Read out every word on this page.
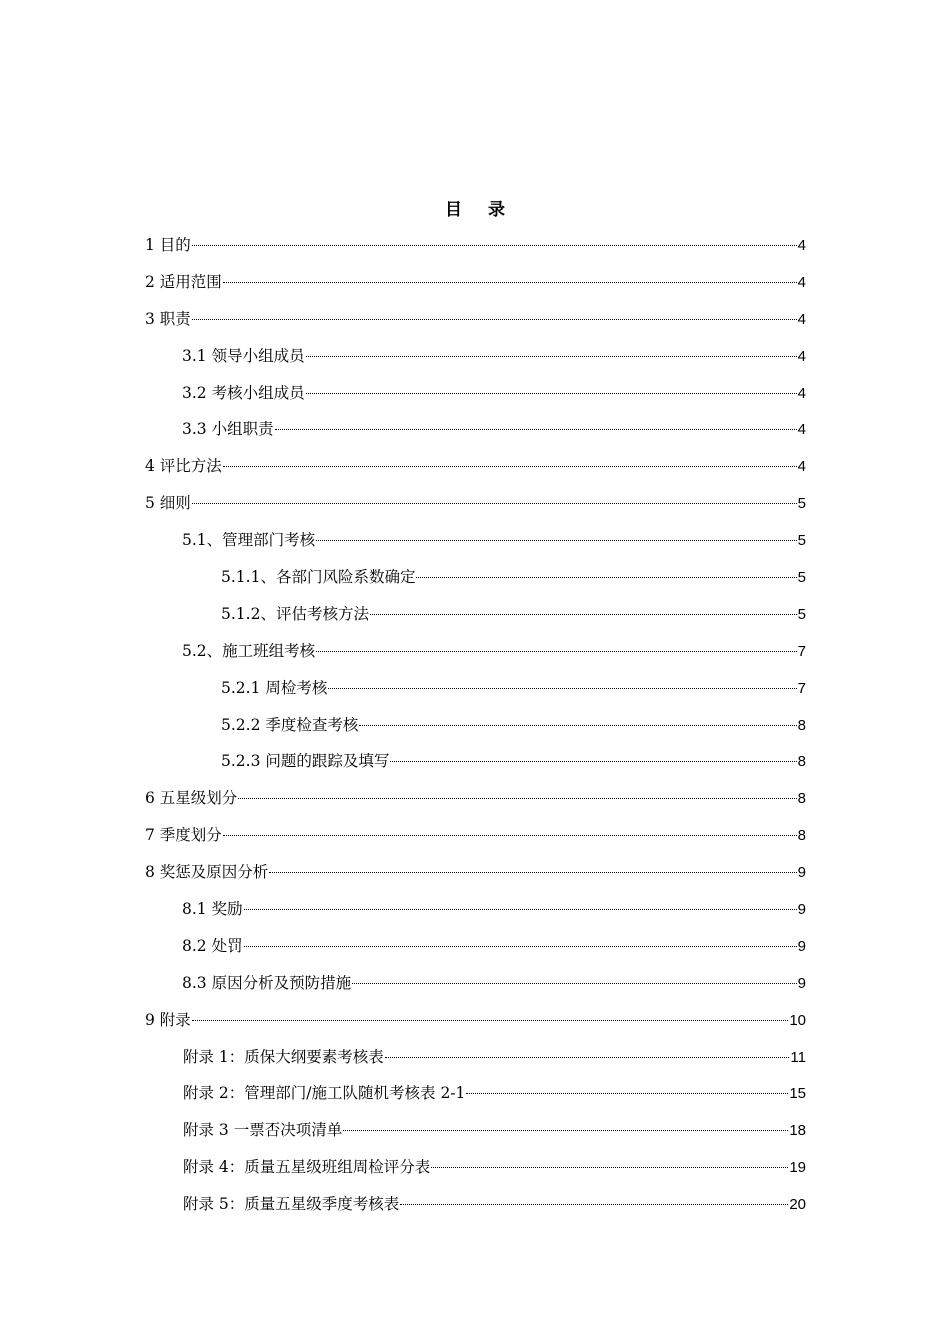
目 录
1 目的	4
2 适用范围	4
3 职责	4
3.1 领导小组成员	4
3.2 考核小组成员	4
3.3 小组职责	4
4 评比方法	4
5 细则	5
5.1、管理部门考核	5
5.1.1、各部门风险系数确定	5
5.1.2、评估考核方法	5
5.2、施工班组考核	7
5.2.1 周检考核	7
5.2.2 季度检查考核	8
5.2.3 问题的跟踪及填写	8
6 五星级划分	8
7 季度划分	8
8 奖惩及原因分析	9
8.1 奖励	9
8.2 处罚	9
8.3 原因分析及预防措施	9
9 附录	10
附录 1：质保大纲要素考核表	11
附录 2：管理部门/施工队随机考核表 2-1	15
附录 3 一票否决项清单	18
附录 4：质量五星级班组周检评分表	19
附录 5：质量五星级季度考核表	20
